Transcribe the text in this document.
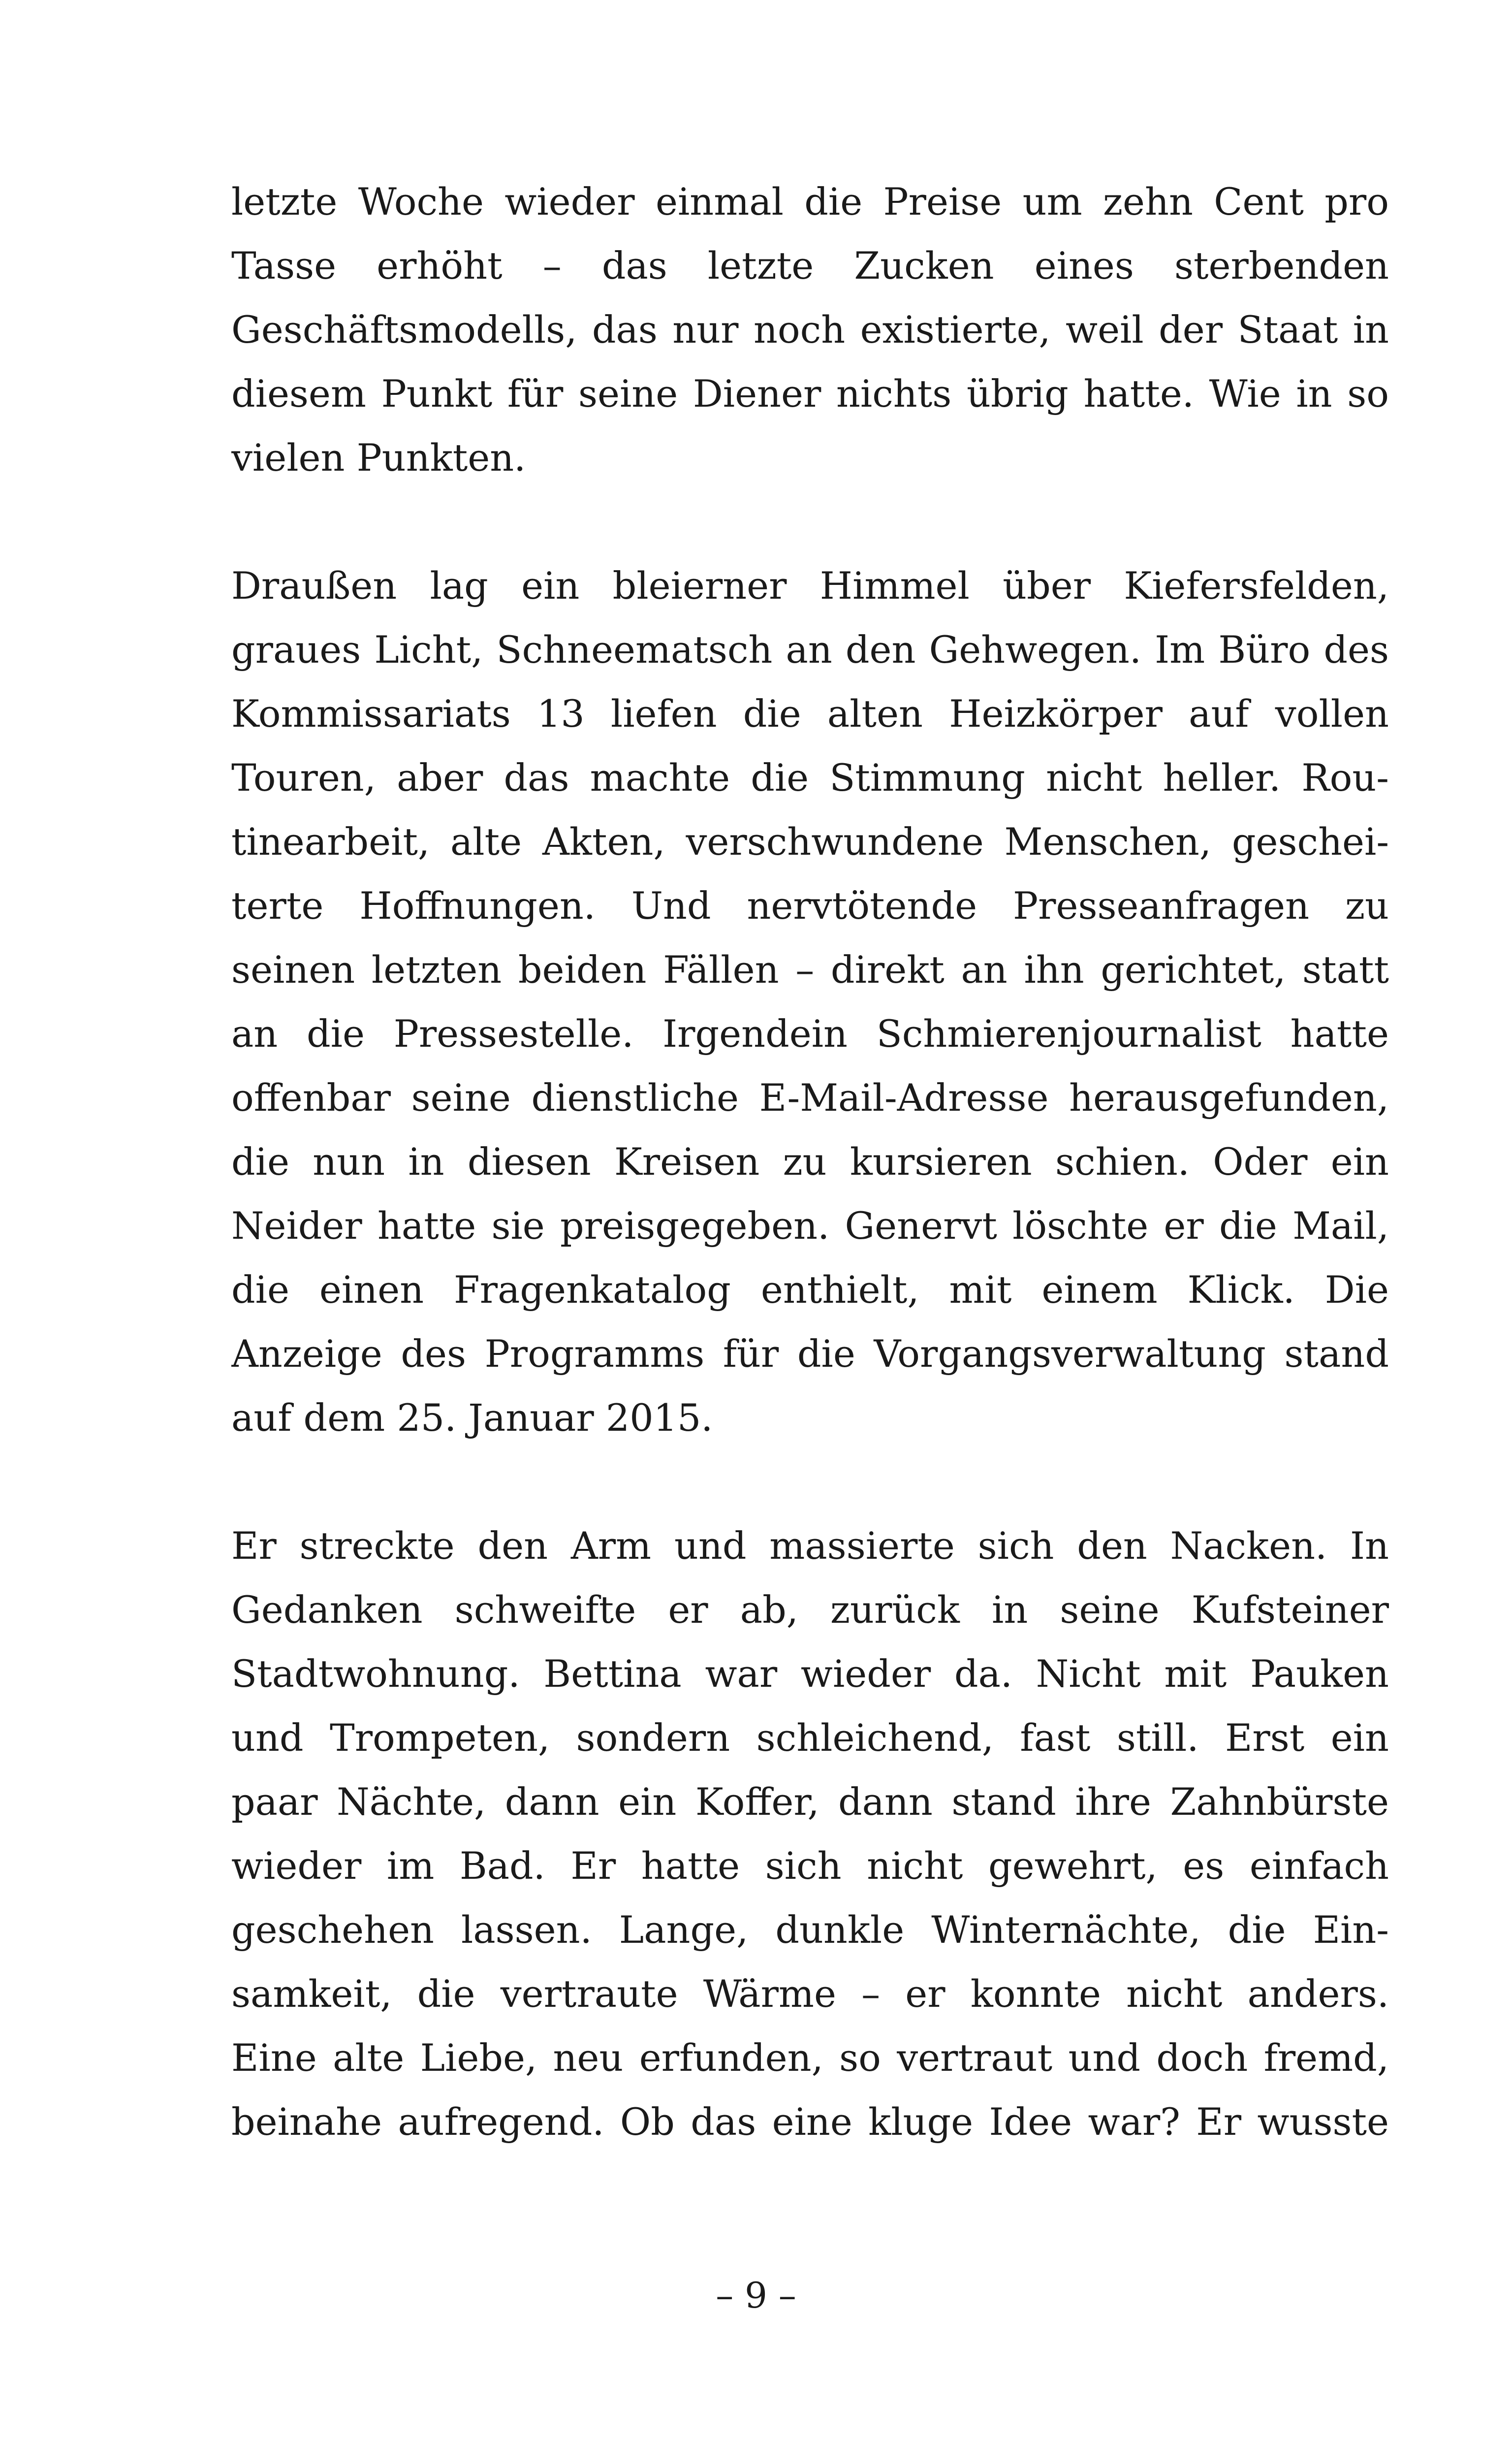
letzte Woche wieder einmal die Preise um zehn Cent pro
Tasse erhöht – das letzte Zucken eines sterbenden
Geschäftsmodells, das nur noch existierte, weil der Staat in
diesem Punkt für seine Diener nichts übrig hatte. Wie in so
vielen Punkten.
Draußen lag ein bleierner Himmel über Kiefersfelden,
graues Licht, Schneematsch an den Gehwegen. Im Büro des
Kommissariats 13 liefen die alten Heizkörper auf vollen
Touren, aber das machte die Stimmung nicht heller. Rou-
tinearbeit, alte Akten, verschwundene Menschen, geschei-
terte Hoffnungen. Und nervtötende Presseanfragen zu
seinen letzten beiden Fällen – direkt an ihn gerichtet, statt
an die Pressestelle. Irgendein Schmierenjournalist hatte
offenbar seine dienstliche E-Mail-Adresse herausgefunden,
die nun in diesen Kreisen zu kursieren schien. Oder ein
Neider hatte sie preisgegeben. Genervt löschte er die Mail,
die einen Fragenkatalog enthielt, mit einem Klick. Die
Anzeige des Programms für die Vorgangsverwaltung stand
auf dem 25. Januar 2015.
Er streckte den Arm und massierte sich den Nacken. In
Gedanken schweifte er ab, zurück in seine Kufsteiner
Stadtwohnung. Bettina war wieder da. Nicht mit Pauken
und Trompeten, sondern schleichend, fast still. Erst ein
paar Nächte, dann ein Koffer, dann stand ihre Zahnbürste
wieder im Bad. Er hatte sich nicht gewehrt, es einfach
geschehen lassen. Lange, dunkle Winternächte, die Ein-
samkeit, die vertraute Wärme – er konnte nicht anders.
Eine alte Liebe, neu erfunden, so vertraut und doch fremd,
beinahe aufregend. Ob das eine kluge Idee war? Er wusste
– 9 –
